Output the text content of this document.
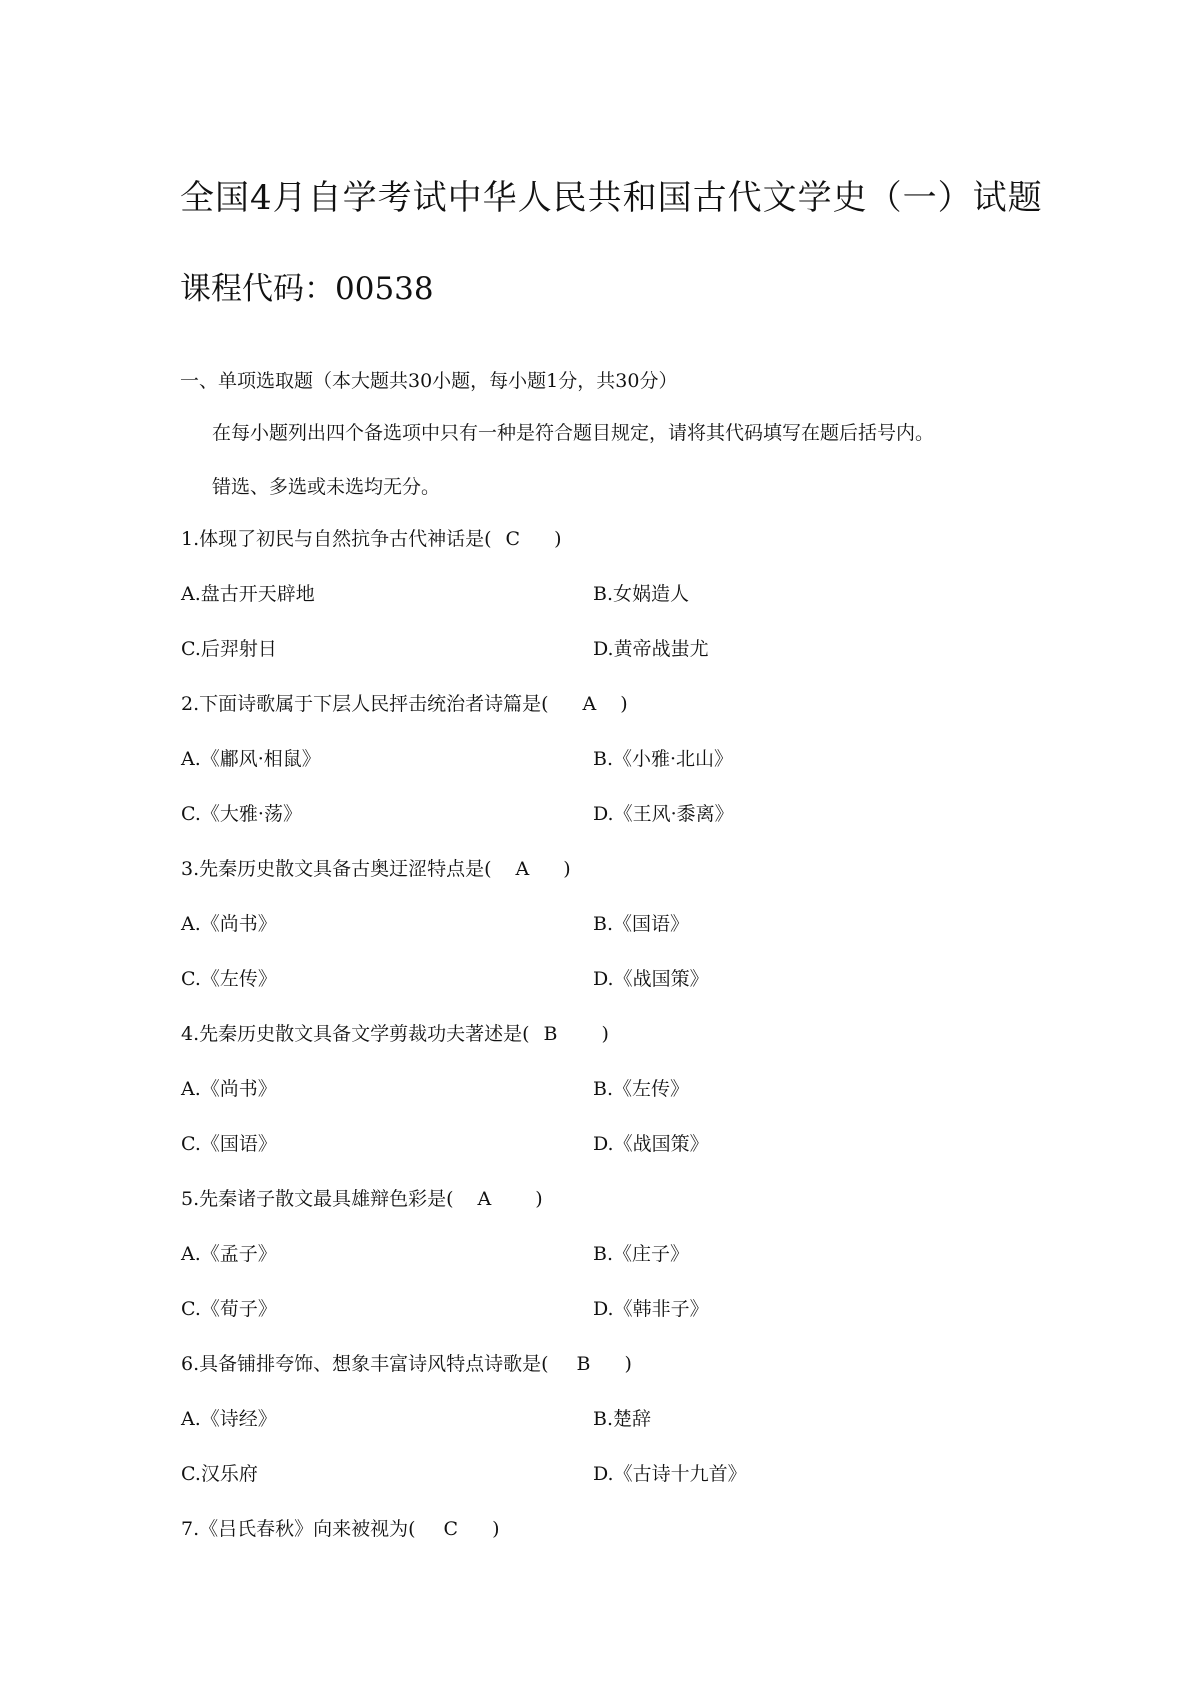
全国4月自学考试中华人民共和国古代文学史（一）试题
课程代码：00538
一、单项选取题（本大题共30小题，每小题1分，共30分）
在每小题列出四个备选项中只有一种是符合题目规定，请将其代码填写在题后括号内。
错选、多选或未选均无分。
1.体现了初民与自然抗争古代神话是( C )
A.盘古开天辟地	B.女娲造人
C.后羿射日	D.黄帝战蚩尤
2.下面诗歌属于下层人民抨击统治者诗篇是( A )
A.《鄘风·相鼠》	B.《小雅·北山》
C.《大雅·荡》	D.《王风·黍离》
3.先秦历史散文具备古奥迂涩特点是( A )
A.《尚书》	B.《国语》
C.《左传》	D.《战国策》
4.先秦历史散文具备文学剪裁功夫著述是( B )
A.《尚书》	B.《左传》
C.《国语》	D.《战国策》
5.先秦诸子散文最具雄辩色彩是( A )
A.《孟子》	B.《庄子》
C.《荀子》	D.《韩非子》
6.具备铺排夸饰、想象丰富诗风特点诗歌是( B )
A.《诗经》	B.楚辞
C.汉乐府	D.《古诗十九首》
7.《吕氏春秋》向来被视为( C )
